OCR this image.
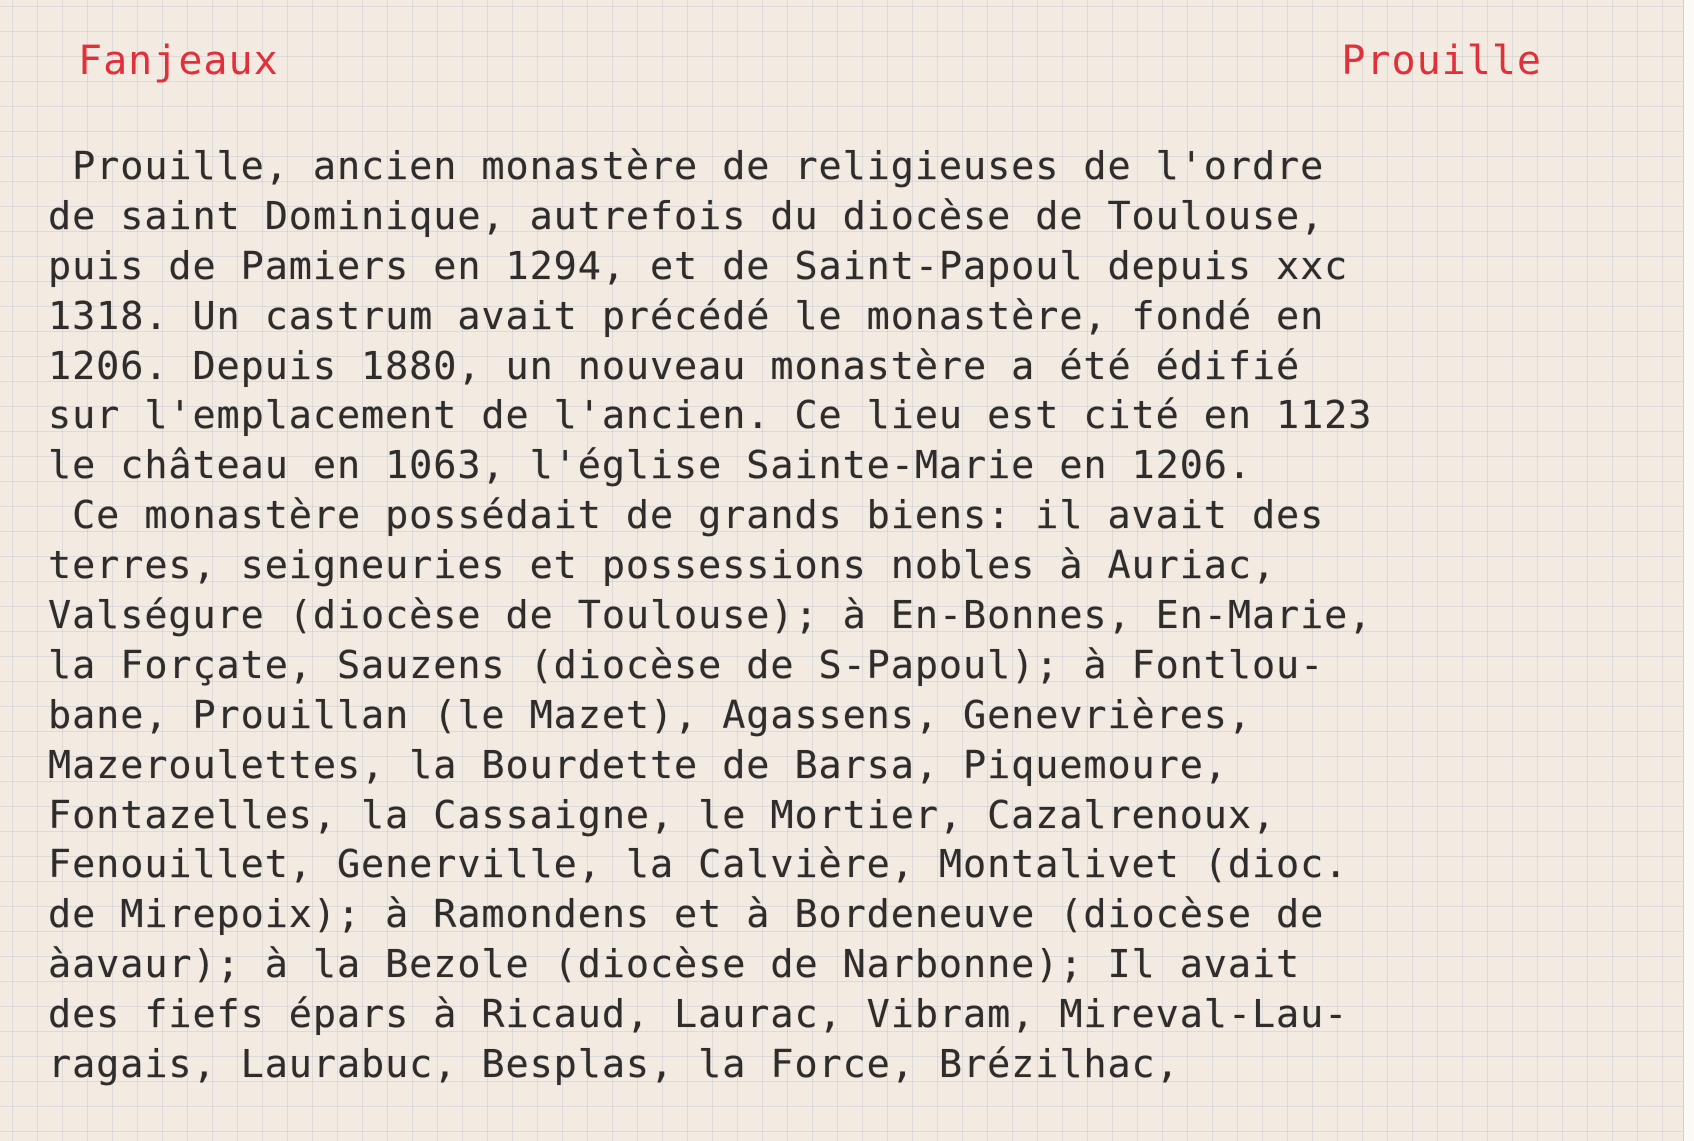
Fanjeaux	Prouille
Prouille, ancien monastère de religieuses de l'ordre
de saint Dominique, autrefois du diocèse de Toulouse,
puis de Pamiers en 1294, et de Saint-Papoul depuis xxc
1318. Un castrum avait précédé le monastère, fondé en
1206. Depuis 1880, un nouveau monastère a été édifié
sur l'emplacement de l'ancien. Ce lieu est cité en 1123
le château en 1063, l'église Sainte-Marie en 1206.
Ce monastère possédait de grands biens: il avait des
terres, seigneuries et possessions nobles à Auriac,
Valségure (diocèse de Toulouse); à En-Bonnes, En-Marie,
la Forçate, Sauzens (diocèse de S-Papoul); à Fontlou-
bane, Prouillan (le Mazet), Agassens, Genevrières,
Mazeroulettes, la Bourdette de Barsa, Piquemoure,
Fontazelles, la Cassaigne, le Mortier, Cazalrenoux,
Fenouillet, Generville, la Calvière, Montalivet (dioc.
de Mirepoix); à Ramondens et à Bordeneuve (diocèse de
àavaur); à la Bezole (diocèse de Narbonne); Il avait
des fiefs épars à Ricaud, Laurac, Vibram, Mireval-Lau-
ragais, Laurabuc, Besplas, la Force, Brézilhac,
